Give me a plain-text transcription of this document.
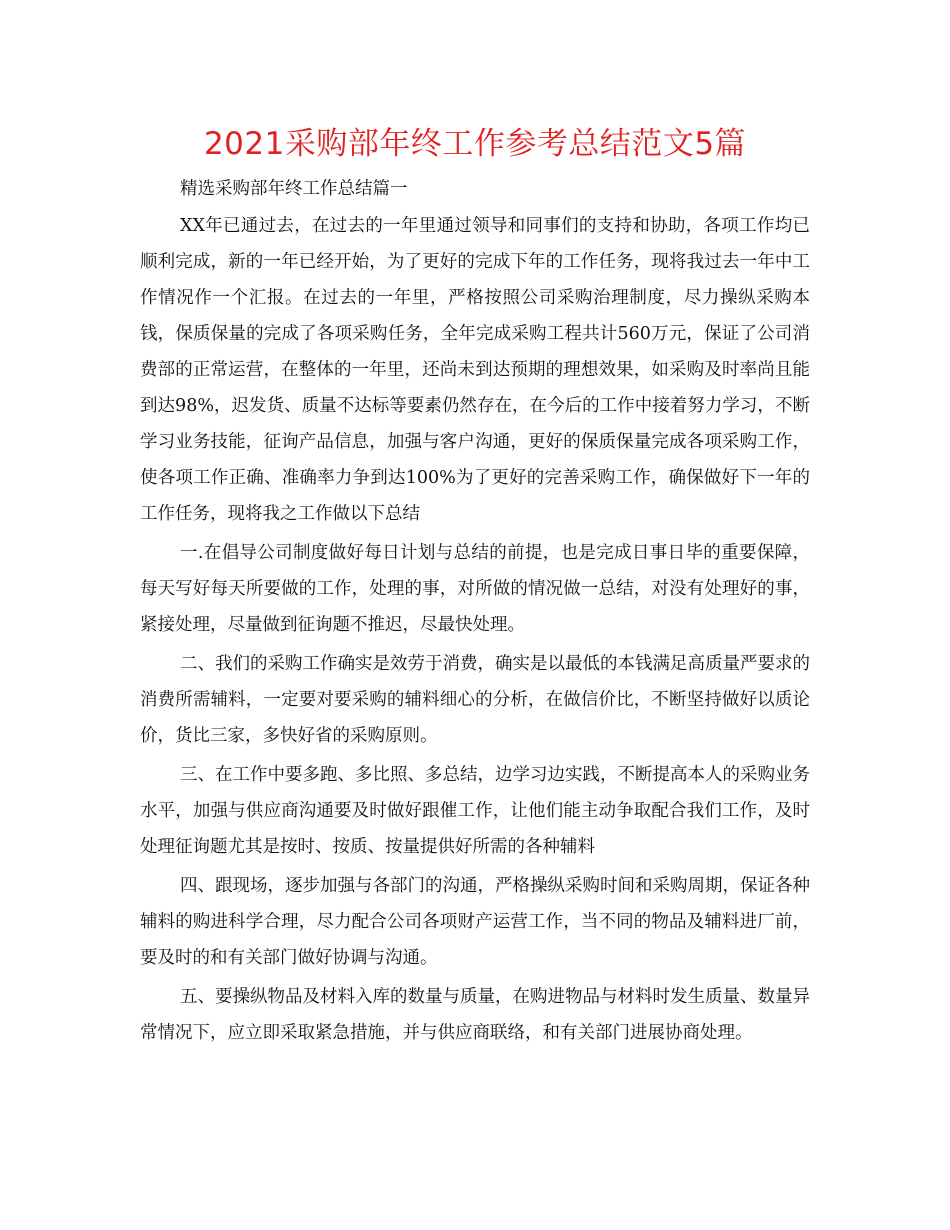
2021采购部年终工作参考总结范文5篇

精选采购部年终工作总结篇一

XX年已通过去，在过去的一年里通过领导和同事们的支持和协助，各项工作均已顺利完成，新的一年已经开始，为了更好的完成下年的工作任务，现将我过去一年中工作情况作一个汇报。在过去的一年里，严格按照公司采购治理制度，尽力操纵采购本钱，保质保量的完成了各项采购任务，全年完成采购工程共计560万元，保证了公司消费部的正常运营，在整体的一年里，还尚未到达预期的理想效果，如采购及时率尚且能到达98%，迟发货、质量不达标等要素仍然存在，在今后的工作中接着努力学习，不断学习业务技能，征询产品信息，加强与客户沟通，更好的保质保量完成各项采购工作，使各项工作正确、准确率力争到达100%为了更好的完善采购工作，确保做好下一年的工作任务，现将我之工作做以下总结

一.在倡导公司制度做好每日计划与总结的前提，也是完成日事日毕的重要保障，每天写好每天所要做的工作，处理的事，对所做的情况做一总结，对没有处理好的事，紧接处理，尽量做到征询题不推迟，尽最快处理。

二、我们的采购工作确实是效劳于消费，确实是以最低的本钱满足高质量严要求的消费所需辅料，一定要对要采购的辅料细心的分析，在做信价比，不断坚持做好以质论价，货比三家，多快好省的采购原则。

三、在工作中要多跑、多比照、多总结，边学习边实践，不断提高本人的采购业务水平，加强与供应商沟通要及时做好跟催工作，让他们能主动争取配合我们工作，及时处理征询题尤其是按时、按质、按量提供好所需的各种辅料

四、跟现场，逐步加强与各部门的沟通，严格操纵采购时间和采购周期，保证各种辅料的购进科学合理，尽力配合公司各项财产运营工作，当不同的物品及辅料进厂前，要及时的和有关部门做好协调与沟通。

五、要操纵物品及材料入库的数量与质量，在购进物品与材料时发生质量、数量异常情况下，应立即采取紧急措施，并与供应商联络，和有关部门进展协商处理。
